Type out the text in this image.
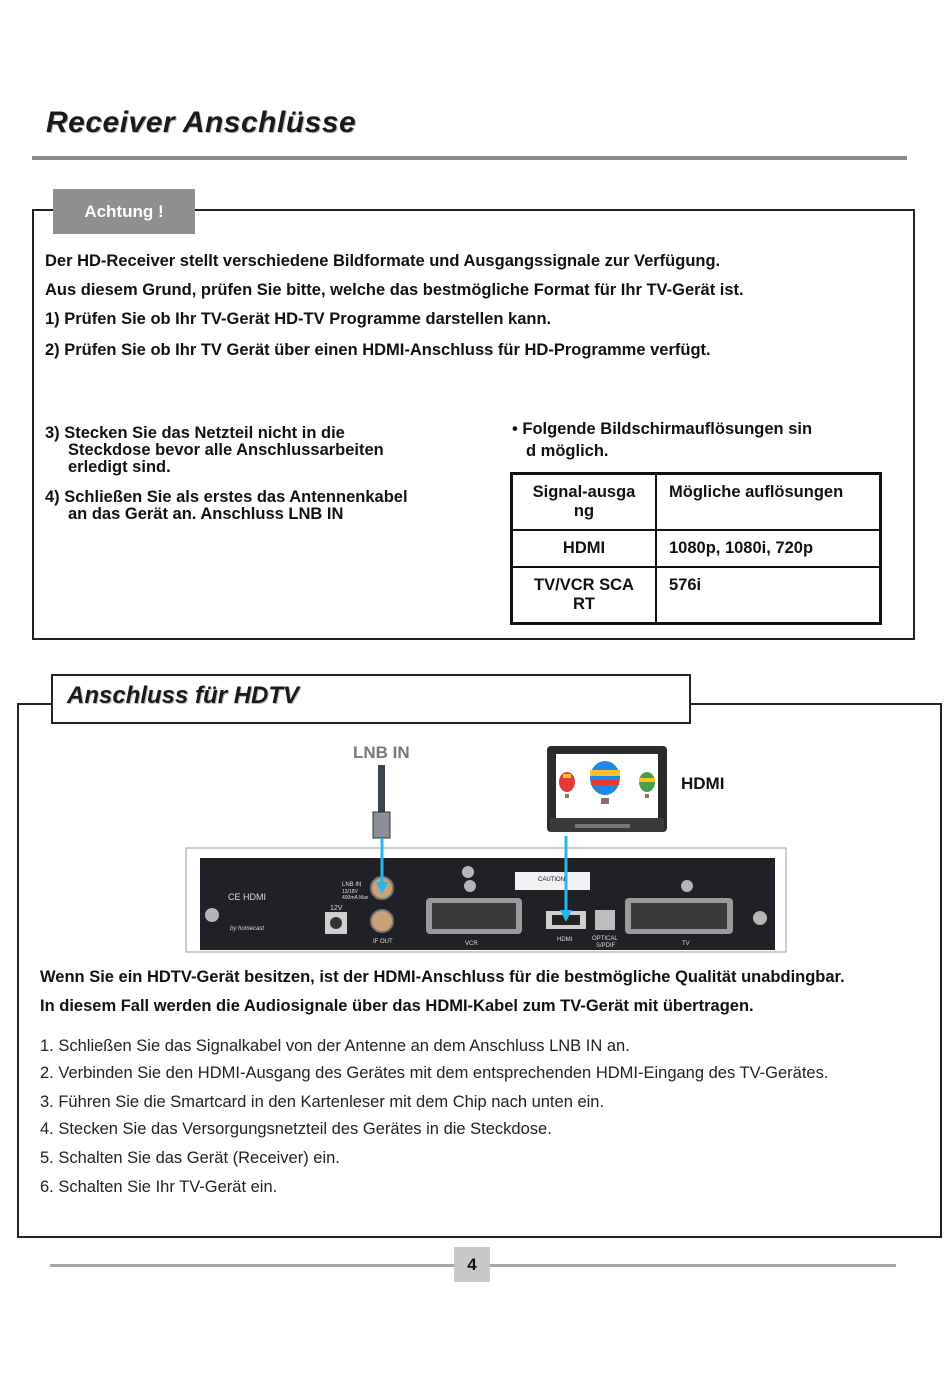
Receiver Anschlüsse
Achtung !
Der HD-Receiver stellt verschiedene Bildformate und Ausgangssignale zur Verfügung.
Aus diesem Grund, prüfen Sie bitte, welche das bestmögliche Format für Ihr TV-Gerät ist.
1) Prüfen Sie ob Ihr TV-Gerät HD-TV Programme darstellen kann.
2) Prüfen Sie ob Ihr TV Gerät über einen HDMI-Anschluss für HD-Programme verfügt.
3) Stecken Sie das Netzteil nicht in die
Steckdose bevor alle Anschlussarbeiten
erledigt sind.
4) Schließen Sie als erstes das Antennenkabel
an das Gerät an. Anschluss LNB IN
• Folgende Bildschirmauflösungen sin
d möglich.
Signal-ausga ng	Mögliche auflösungen
HDMI	1080p, 1080i, 720p
TV/VCR SCA RT	576i
Anschluss für HDTV
LNB IN
HDMI
CE HDMI
LNB IN
13/18V
400mA Max
12V
IF OUT	VCR
HDMI	OPTICAL
S/PDIF	TV
by homecast
CAUTION
Wenn Sie ein HDTV-Gerät besitzen, ist der HDMI-Anschluss für die bestmögliche Qualität unabdingbar.
In diesem Fall werden die Audiosignale über das HDMI-Kabel zum TV-Gerät mit übertragen.
1. Schließen Sie das Signalkabel von der Antenne an dem Anschluss LNB IN an.
2. Verbinden Sie den HDMI-Ausgang des Gerätes mit dem entsprechenden HDMI-Eingang des TV-Gerätes.
3. Führen Sie die Smartcard in den Kartenleser mit dem Chip nach unten ein.
4. Stecken Sie das Versorgungsnetzteil des Gerätes in die Steckdose.
5. Schalten Sie das Gerät (Receiver) ein.
6. Schalten Sie Ihr TV-Gerät ein.
4
